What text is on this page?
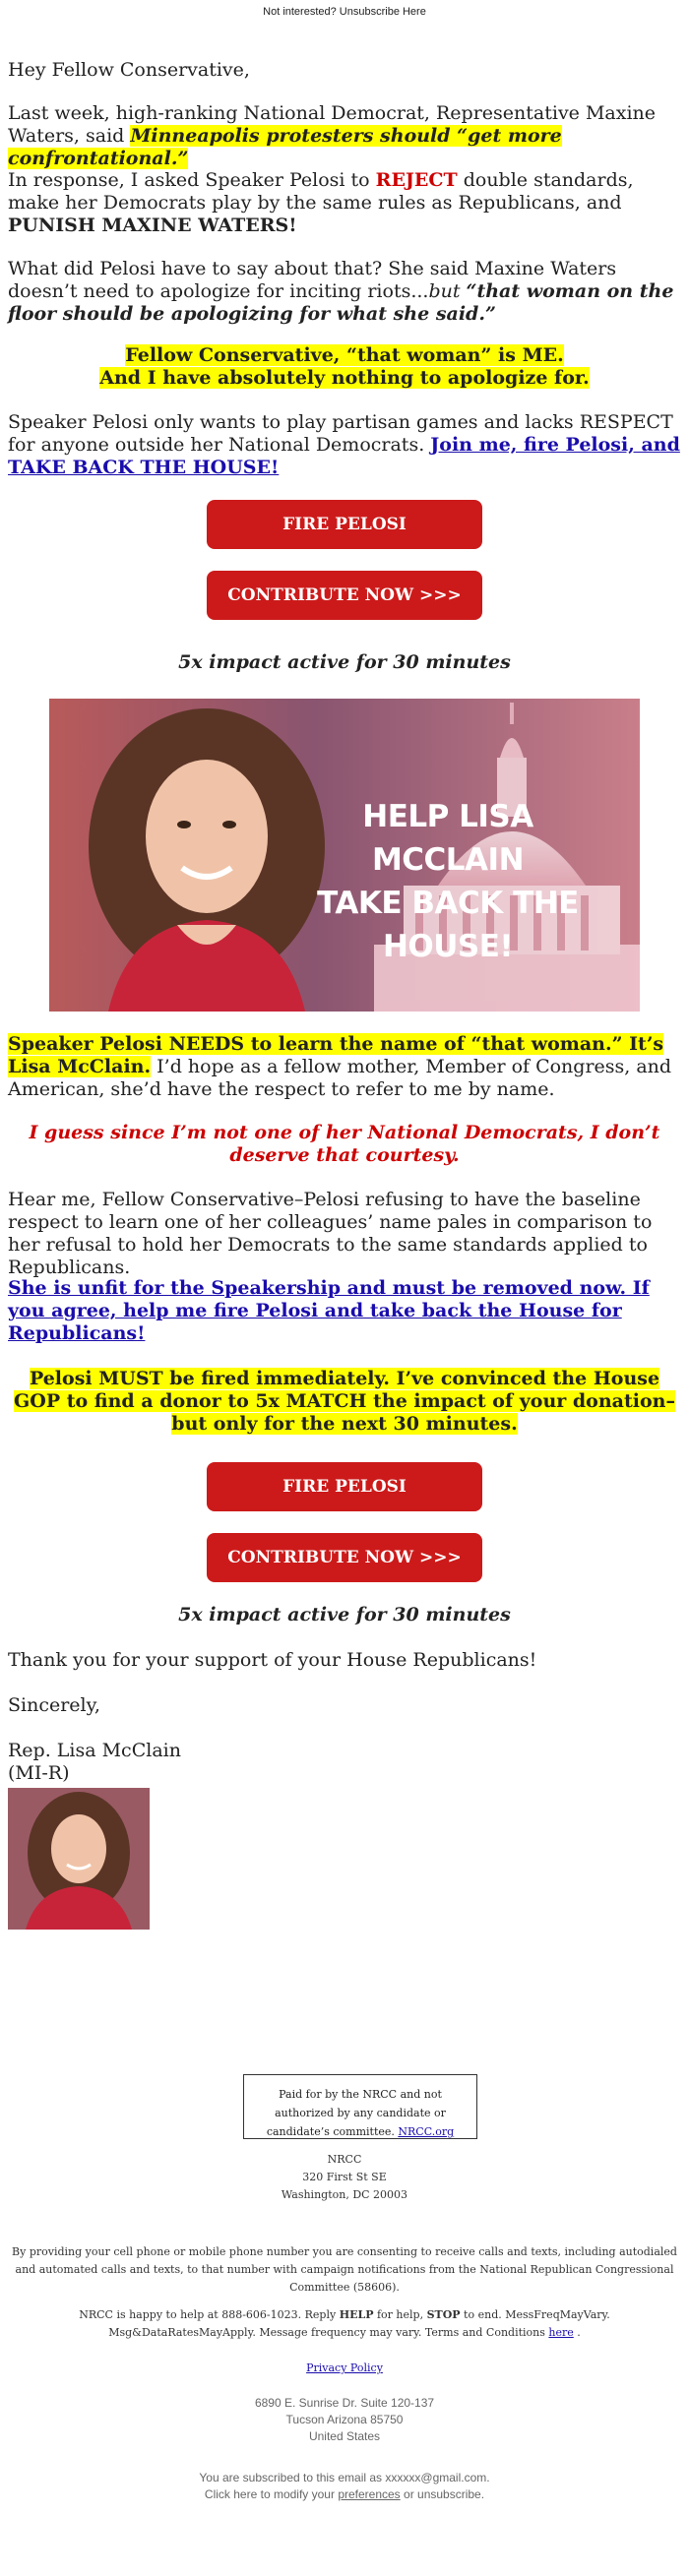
Not interested? Unsubscribe Here

Hey Fellow Conservative,

Last week, high-ranking National Democrat, Representative Maxine Waters, said Minneapolis protesters should “get more confrontational.”

In response, I asked Speaker Pelosi to REJECT double standards, make her Democrats play by the same rules as Republicans, and PUNISH MAXINE WATERS!

What did Pelosi have to say about that? She said Maxine Waters doesn’t need to apologize for inciting riots...but “that woman on the floor should be apologizing for what she said.”

Fellow Conservative, “that woman” is ME.
And I have absolutely nothing to apologize for.

Speaker Pelosi only wants to play partisan games and lacks RESPECT for anyone outside her National Democrats. Join me, fire Pelosi, and TAKE BACK THE HOUSE!

FIRE PELOSI
CONTRIBUTE NOW >>>
5x impact active for 30 minutes
HELP LISA MCCLAIN
TAKE BACK THE HOUSE!

Speaker Pelosi NEEDS to learn the name of “that woman.” It’s Lisa McClain. I’d hope as a fellow mother, Member of Congress, and American, she’d have the respect to refer to me by name.

I guess since I’m not one of her National Democrats, I don’t deserve that courtesy.

Hear me, Fellow Conservative–Pelosi refusing to have the baseline respect to learn one of her colleagues’ name pales in comparison to her refusal to hold her Democrats to the same standards applied to Republicans.

She is unfit for the Speakership and must be removed now. If you agree, help me fire Pelosi and take back the House for Republicans!

Pelosi MUST be fired immediately. I’ve convinced the House GOP to find a donor to 5x MATCH the impact of your donation–but only for the next 30 minutes.

FIRE PELOSI
CONTRIBUTE NOW >>>
5x impact active for 30 minutes

Thank you for your support of your House Republicans!

Sincerely,

Rep. Lisa McClain

(MI-R)

Paid for by the NRCC and not authorized by any candidate or candidate’s committee. NRCC.org
NRCC
320 First St SE
Washington, DC 20003
By providing your cell phone or mobile phone number you are consenting to receive calls and texts, including autodialed and automated calls and texts, to that number with campaign notifications from the National Republican Congressional Committee (58606).
NRCC is happy to help at 888-606-1023. Reply HELP for help, STOP to end. MessFreqMayVary. Msg&DataRatesMayApply. Message frequency may vary. Terms and Conditions here .
Privacy Policy
6890 E. Sunrise Dr. Suite 120-137
Tucson Arizona 85750
United States
You are subscribed to this email as xxxxxx@gmail.com.
Click here to modify your preferences or unsubscribe.
